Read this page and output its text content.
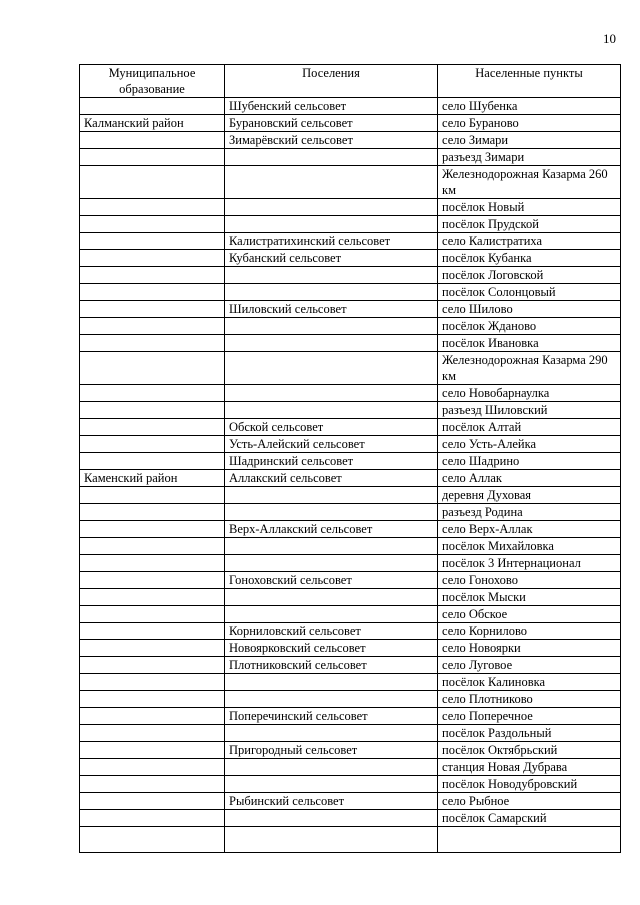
10
Муниципальное образование	Поселения	Населенные пункты
	Шубенский сельсовет	село Шубенка
Калманский район	Бурановский сельсовет	село Бураново
	Зимарёвский сельсовет	село Зимари
		разъезд Зимари
		Железнодорожная Казарма 260 км
		посёлок Новый
		посёлок Прудской
	Калистратихинский сельсовет	село Калистратиха
	Кубанский сельсовет	посёлок Кубанка
		посёлок Логовской
		посёлок Солонцовый
	Шиловский сельсовет	село Шилово
		посёлок Жданово
		посёлок Ивановка
		Железнодорожная Казарма 290 км
		село Новобарнаулка
		разъезд Шиловский
	Обской сельсовет	посёлок Алтай
	Усть-Алейский сельсовет	село Усть-Алейка
	Шадринский сельсовет	село Шадрино
Каменский район	Аллакский сельсовет	село Аллак
		деревня Духовая
		разъезд Родина
	Верх-Аллакский сельсовет	село Верх-Аллак
		посёлок Михайловка
		посёлок 3 Интернационал
	Гоноховский сельсовет	село Гонохово
		посёлок Мыски
		село Обское
	Корниловский сельсовет	село Корнилово
	Новоярковский сельсовет	село Новоярки
	Плотниковский сельсовет	село Луговое
		посёлок Калиновка
		село Плотниково
	Поперечинский сельсовет	село Поперечное
		посёлок Раздольный
	Пригородный сельсовет	посёлок Октябрьский
		станция Новая Дубрава
		посёлок Новодубровский
	Рыбинский сельсовет	село Рыбное
		посёлок Самарский
